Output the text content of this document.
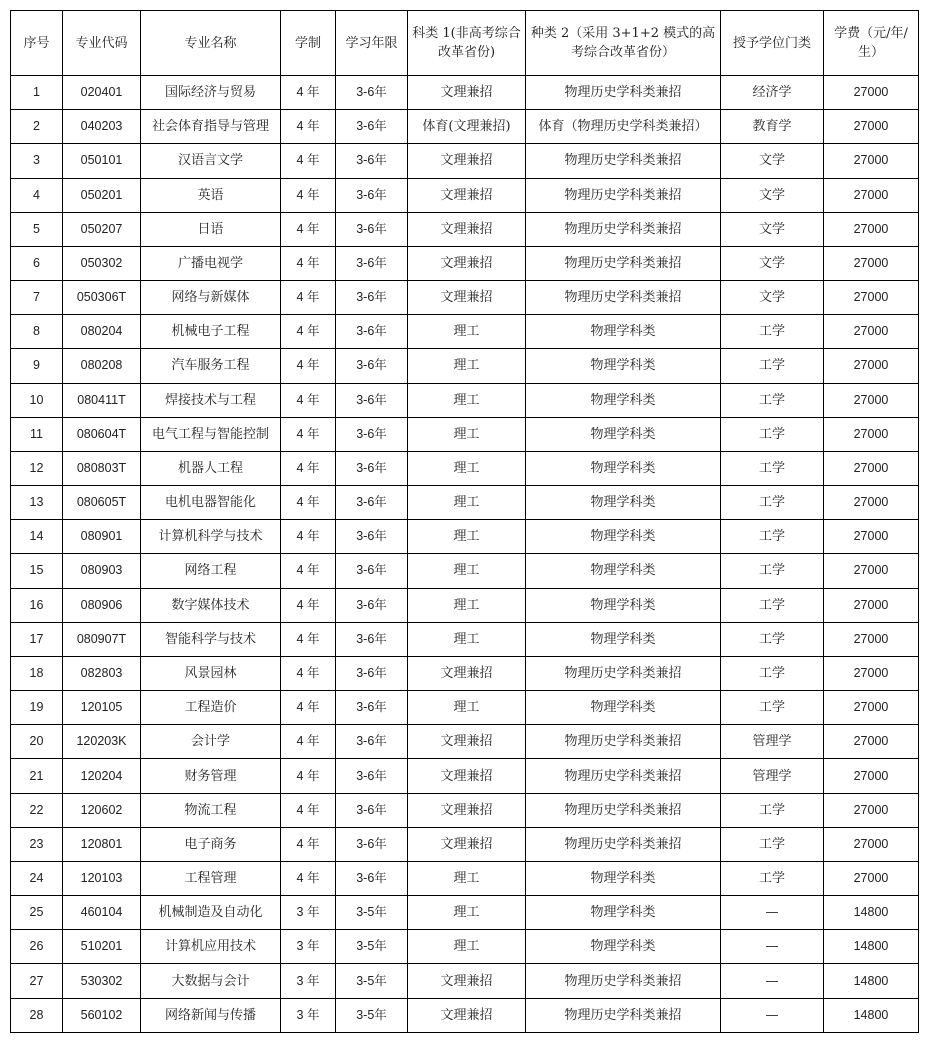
序号	专业代码	专业名称	学制	学习年限	科类 1(非高考综合改革省份)	种类 2（采用 3+1+2 模式的高考综合改革省份）	授予学位门类	学费（元/年/生）
1	020401	国际经济与贸易	4 年	3-6年	文理兼招	物理历史学科类兼招	经济学	27000
2	040203	社会体育指导与管理	4 年	3-6年	体育(文理兼招)	体育（物理历史学科类兼招）	教育学	27000
3	050101	汉语言文学	4 年	3-6年	文理兼招	物理历史学科类兼招	文学	27000
4	050201	英语	4 年	3-6年	文理兼招	物理历史学科类兼招	文学	27000
5	050207	日语	4 年	3-6年	文理兼招	物理历史学科类兼招	文学	27000
6	050302	广播电视学	4 年	3-6年	文理兼招	物理历史学科类兼招	文学	27000
7	050306T	网络与新媒体	4 年	3-6年	文理兼招	物理历史学科类兼招	文学	27000
8	080204	机械电子工程	4 年	3-6年	理工	物理学科类	工学	27000
9	080208	汽车服务工程	4 年	3-6年	理工	物理学科类	工学	27000
10	080411T	焊接技术与工程	4 年	3-6年	理工	物理学科类	工学	27000
11	080604T	电气工程与智能控制	4 年	3-6年	理工	物理学科类	工学	27000
12	080803T	机器人工程	4 年	3-6年	理工	物理学科类	工学	27000
13	080605T	电机电器智能化	4 年	3-6年	理工	物理学科类	工学	27000
14	080901	计算机科学与技术	4 年	3-6年	理工	物理学科类	工学	27000
15	080903	网络工程	4 年	3-6年	理工	物理学科类	工学	27000
16	080906	数字媒体技术	4 年	3-6年	理工	物理学科类	工学	27000
17	080907T	智能科学与技术	4 年	3-6年	理工	物理学科类	工学	27000
18	082803	风景园林	4 年	3-6年	文理兼招	物理历史学科类兼招	工学	27000
19	120105	工程造价	4 年	3-6年	理工	物理学科类	工学	27000
20	120203K	会计学	4 年	3-6年	文理兼招	物理历史学科类兼招	管理学	27000
21	120204	财务管理	4 年	3-6年	文理兼招	物理历史学科类兼招	管理学	27000
22	120602	物流工程	4 年	3-6年	文理兼招	物理历史学科类兼招	工学	27000
23	120801	电子商务	4 年	3-6年	文理兼招	物理历史学科类兼招	工学	27000
24	120103	工程管理	4 年	3-6年	理工	物理学科类	工学	27000
25	460104	机械制造及自动化	3 年	3-5年	理工	物理学科类	—	14800
26	510201	计算机应用技术	3 年	3-5年	理工	物理学科类	—	14800
27	530302	大数据与会计	3 年	3-5年	文理兼招	物理历史学科类兼招	—	14800
28	560102	网络新闻与传播	3 年	3-5年	文理兼招	物理历史学科类兼招	—	14800
